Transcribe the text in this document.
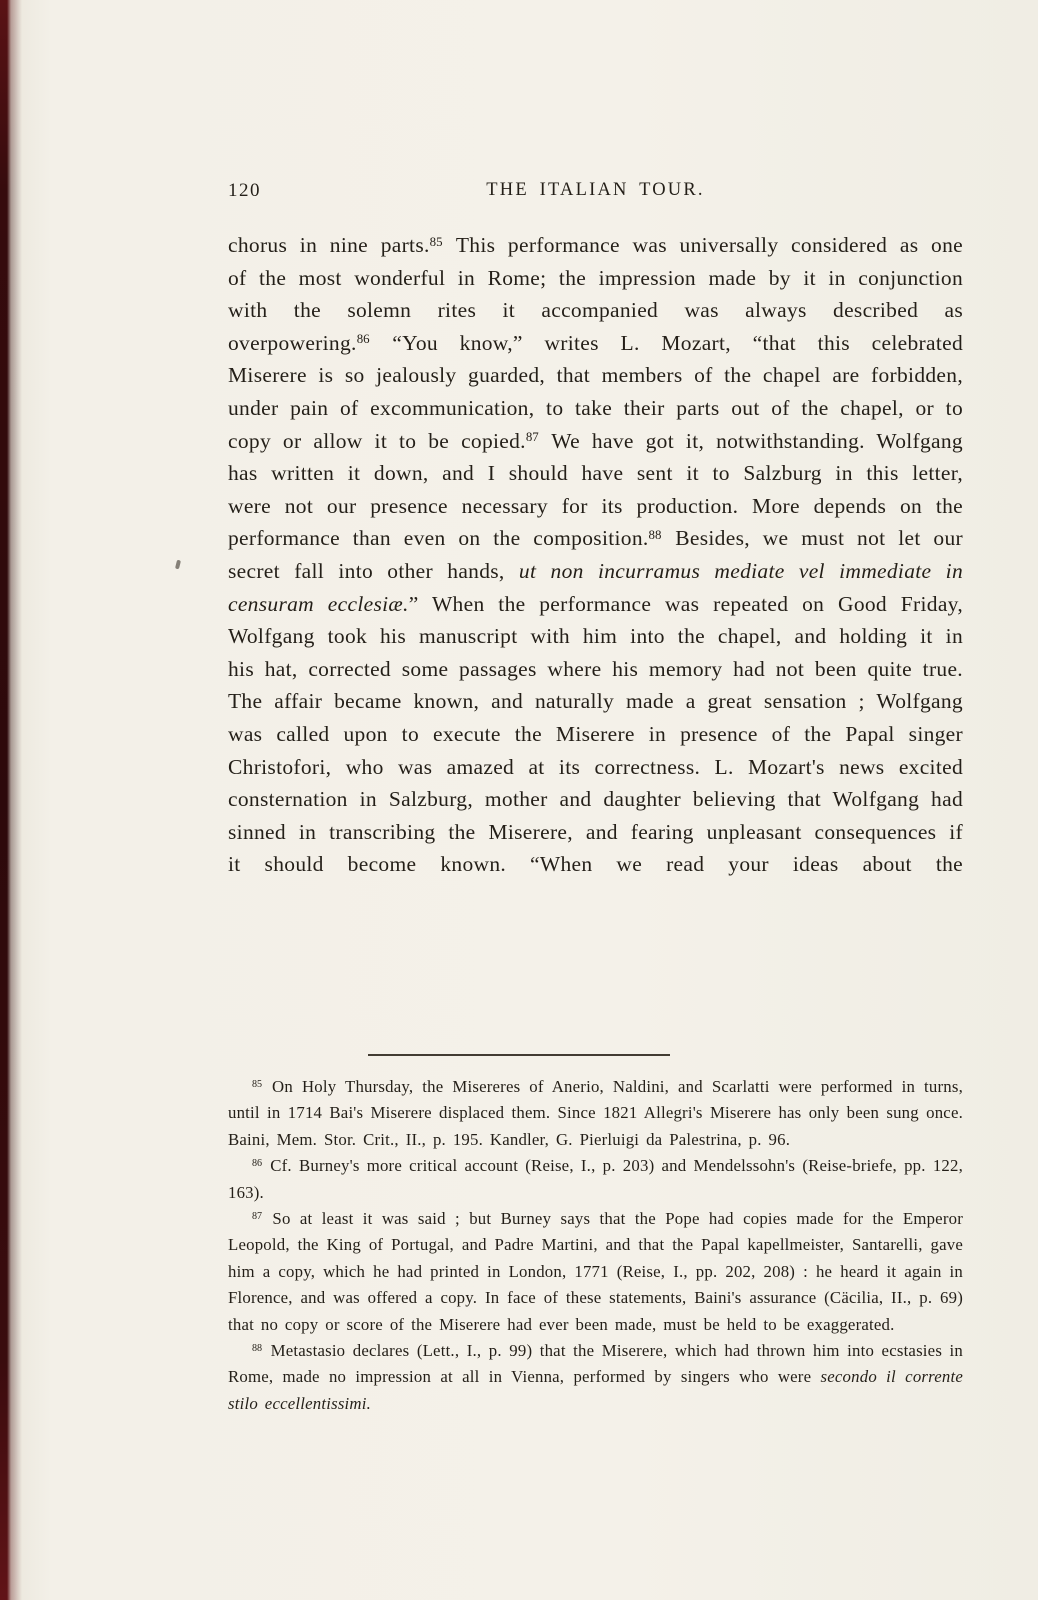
120	THE ITALIAN TOUR.

chorus in nine parts.$^{85}$ This performance was universally considered as one of the most wonderful in Rome; the impression made by it in conjunction with the solemn rites it accompanied was always described as overpowering.$^{86}$ “You know,” writes L. Mozart, “that this celebrated Miserere is so jealously guarded, that members of the chapel are forbidden, under pain of excommunication, to take their parts out of the chapel, or to copy or allow it to be copied.$^{87}$ We have got it, notwithstanding. Wolfgang has written it down, and I should have sent it to Salzburg in this letter, were not our presence necessary for its production. More depends on the performance than even on the composition.$^{88}$ Besides, we must not let our secret fall into other hands, ut non incurramus mediate vel immediate in censuram ecclesiæ.” When the performance was repeated on Good Friday, Wolfgang took his manuscript with him into the chapel, and holding it in his hat, corrected some passages where his memory had not been quite true. The affair became known, and naturally made a great sensation ; Wolfgang was called upon to execute the Miserere in presence of the Papal singer Christofori, who was amazed at its correctness. L. Mozart's news excited consternation in Salzburg, mother and daughter believing that Wolfgang had sinned in transcribing the Miserere, and fearing unpleasant consequences if it should become known. “When we read your ideas about the

$^{85}$ On Holy Thursday, the Misereres of Anerio, Naldini, and Scarlatti were performed in turns, until in 1714 Bai's Miserere displaced them. Since 1821 Allegri's Miserere has only been sung once. Baini, Mem. Stor. Crit., II., p. 195. Kandler, G. Pierluigi da Palestrina, p. 96.

$^{86}$ Cf. Burney's more critical account (Reise, I., p. 203) and Mendelssohn's (Reise-briefe, pp. 122, 163).

$^{87}$ So at least it was said ; but Burney says that the Pope had copies made for the Emperor Leopold, the King of Portugal, and Padre Martini, and that the Papal kapellmeister, Santarelli, gave him a copy, which he had printed in London, 1771 (Reise, I., pp. 202, 208) : he heard it again in Florence, and was offered a copy. In face of these statements, Baini's assurance (Cäcilia, II., p. 69) that no copy or score of the Miserere had ever been made, must be held to be exaggerated.

$^{88}$ Metastasio declares (Lett., I., p. 99) that the Miserere, which had thrown him into ecstasies in Rome, made no impression at all in Vienna, performed by singers who were secondo il corrente stilo eccellentissimi.
